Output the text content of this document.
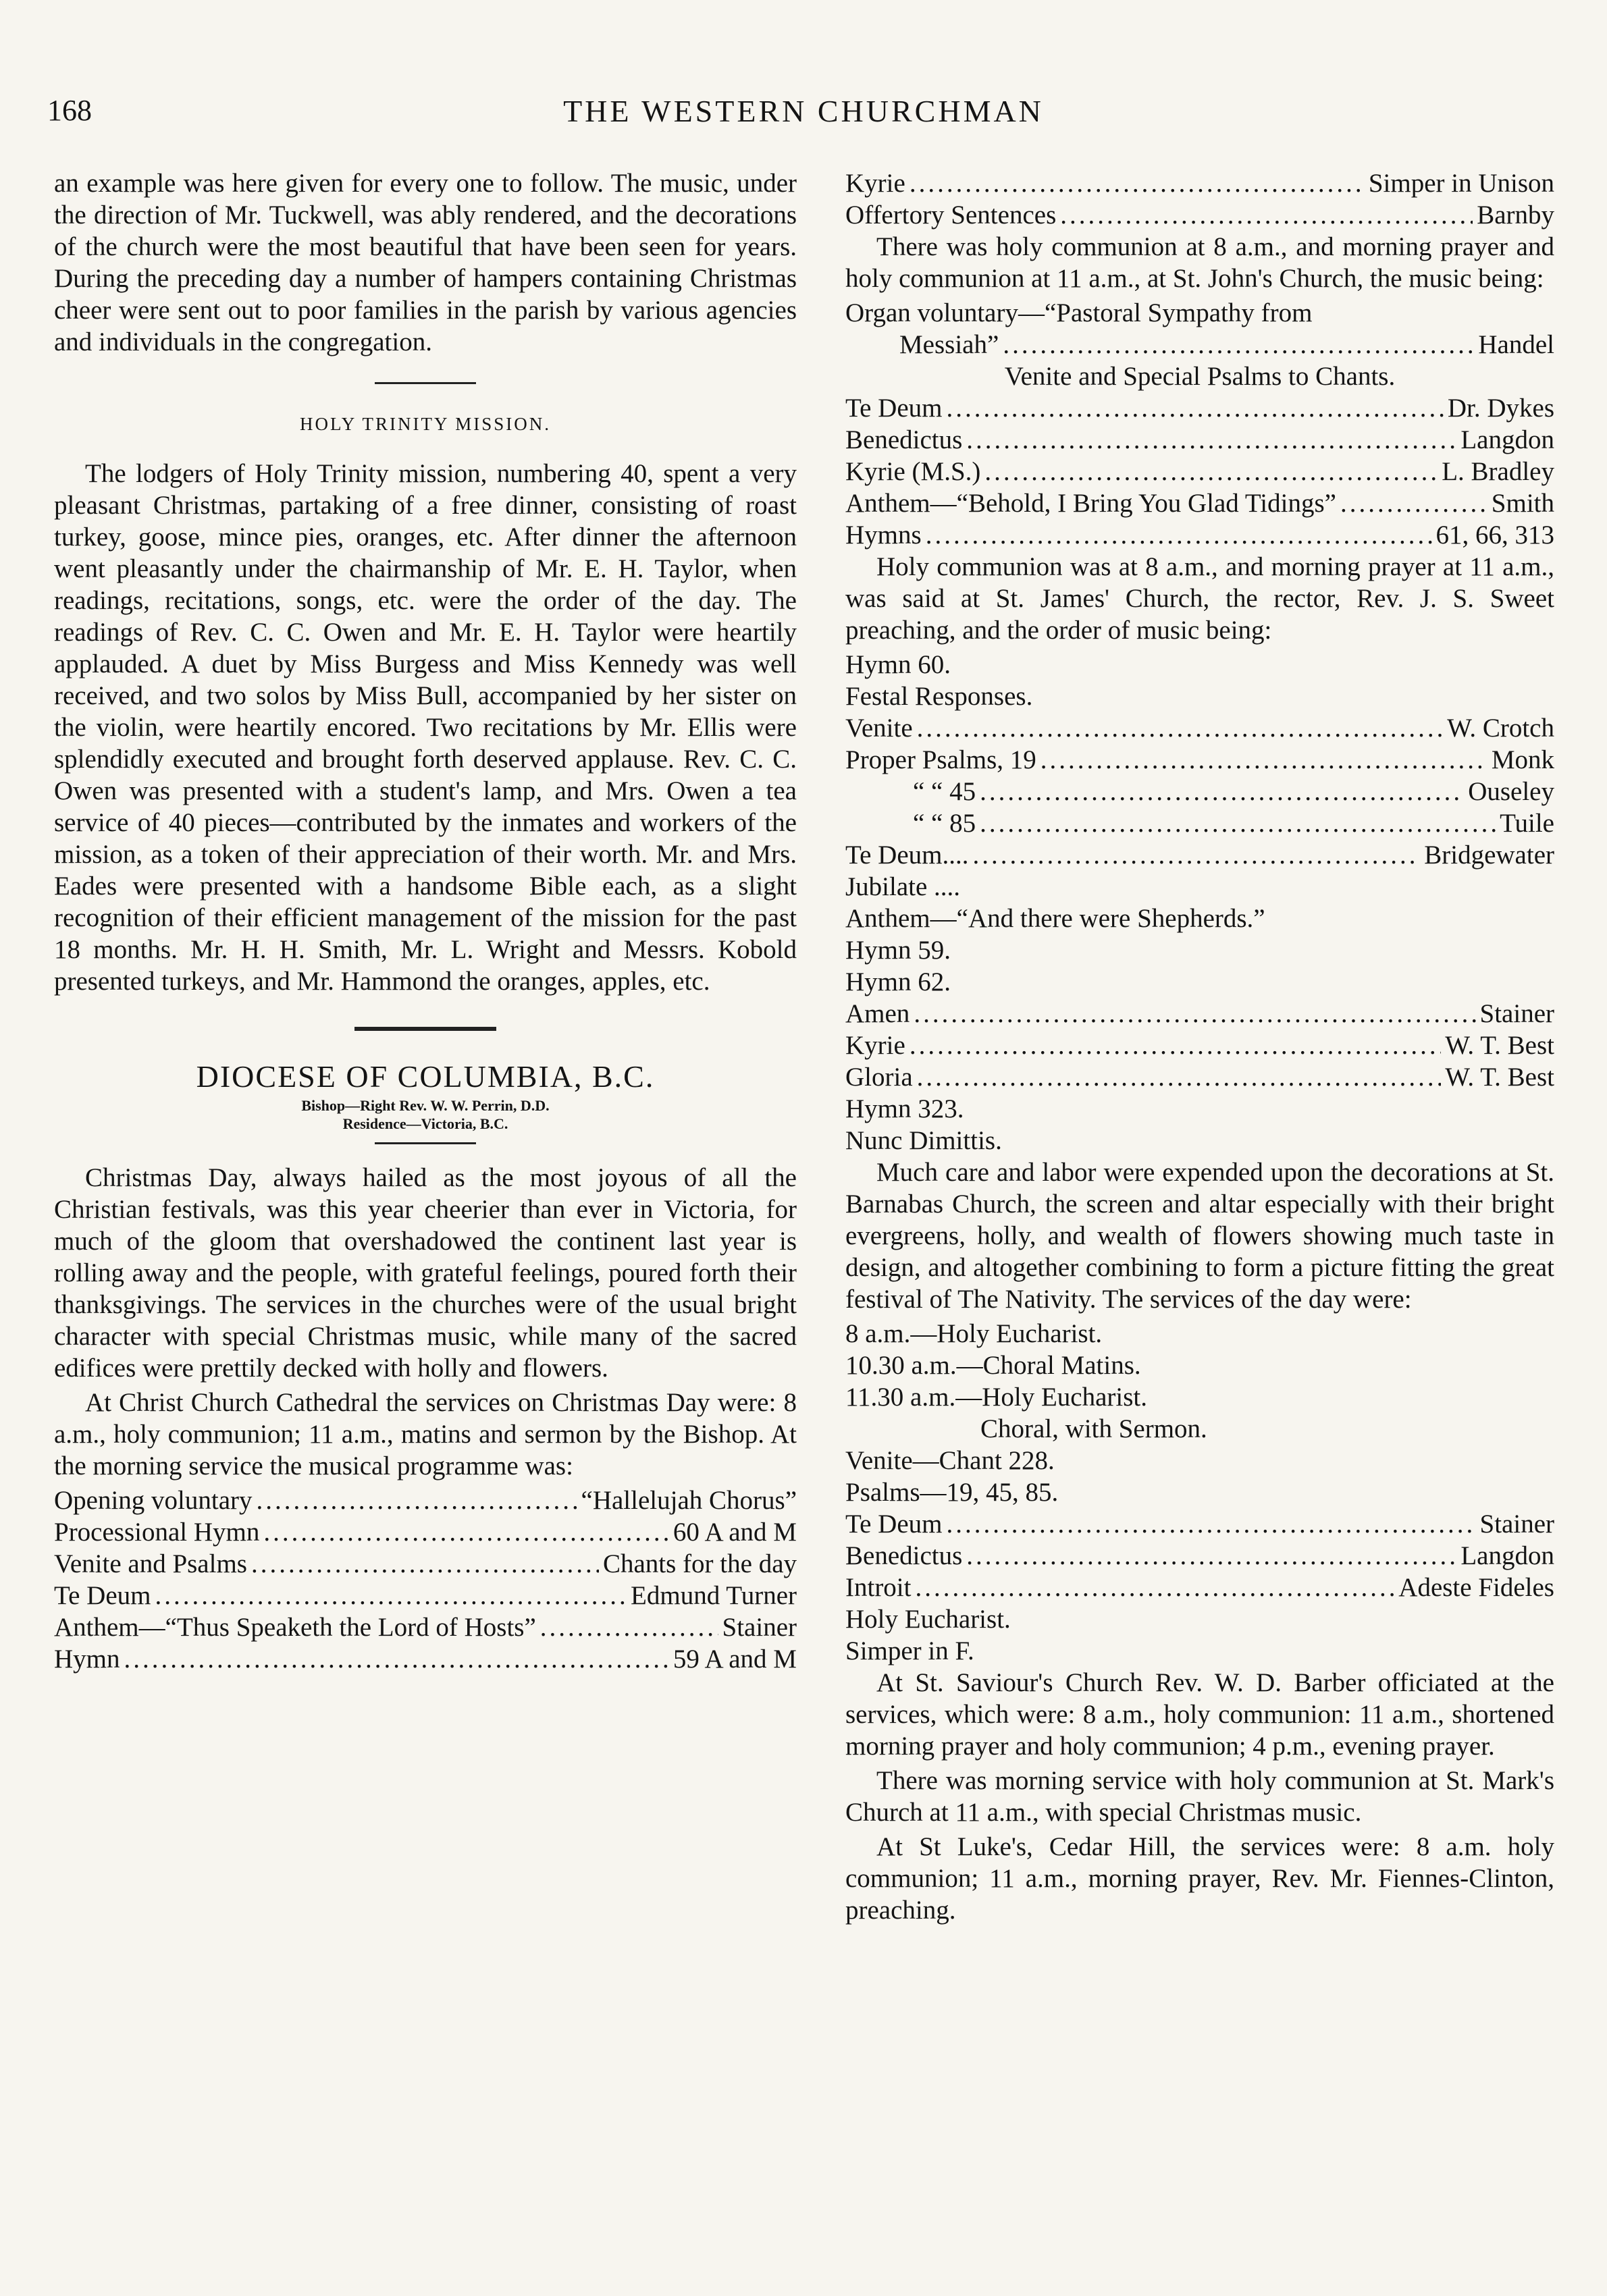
168	THE WESTERN CHURCHMAN

an example was here given for every one to follow. The music, under the direction of Mr. Tuckwell, was ably rendered, and the decorations of the church were the most beautiful that have been seen for years. During the preceding day a number of hampers containing Christmas cheer were sent out to poor families in the parish by various agencies and individuals in the congregation.

HOLY TRINITY MISSION.

The lodgers of Holy Trinity mission, numbering 40, spent a very pleasant Christmas, partaking of a free dinner, consisting of roast turkey, goose, mince pies, oranges, etc. After dinner the afternoon went pleasantly under the chairmanship of Mr. E. H. Taylor, when readings, recitations, songs, etc. were the order of the day. The readings of Rev. C. C. Owen and Mr. E. H. Taylor were heartily applauded. A duet by Miss Burgess and Miss Kennedy was well received, and two solos by Miss Bull, accompanied by her sister on the violin, were heartily encored. Two recitations by Mr. Ellis were splendidly executed and brought forth deserved applause. Rev. C. C. Owen was presented with a student's lamp, and Mrs. Owen a tea service of 40 pieces—contributed by the inmates and workers of the mission, as a token of their appreciation of their worth. Mr. and Mrs. Eades were presented with a handsome Bible each, as a slight recognition of their efficient management of the mission for the past 18 months. Mr. H. H. Smith, Mr. L. Wright and Messrs. Kobold presented turkeys, and Mr. Hammond the oranges, apples, etc.

DIOCESE OF COLUMBIA, B.C.
Bishop—Right Rev. W. W. Perrin, D.D.
Residence—Victoria, B.C.

Christmas Day, always hailed as the most joyous of all the Christian festivals, was this year cheerier than ever in Victoria, for much of the gloom that overshadowed the continent last year is rolling away and the people, with grateful feelings, poured forth their thanksgivings. The services in the churches were of the usual bright character with special Christmas music, while many of the sacred edifices were prettily decked with holly and flowers.

At Christ Church Cathedral the services on Christmas Day were: 8 a.m., holy communion; 11 a.m., matins and sermon by the Bishop. At the morning service the musical programme was:

Opening voluntary .....	“Hallelujah Chorus”
Processional Hymn .....	60 A and M
Venite and Psalms .....	Chants for the day
Te Deum .....	Edmund Turner
Anthem—“Thus Speaketh the Lord of Hosts” .....	Stainer
Hymn .....	59 A and M
Kyrie .....	Simper in Unison
Offertory Sentences .....	Barnby

There was holy communion at 8 a.m., and morning prayer and holy communion at 11 a.m., at St. John's Church, the music being:

Organ voluntary—“Pastoral Sympathy from
Messiah” .....	Handel
Venite and Special Psalms to Chants.
Te Deum .....	Dr. Dykes
Benedictus .....	Langdon
Kyrie (M.S.) .....	L. Bradley
Anthem—“Behold, I Bring You Glad Tidings” .....	Smith
Hymns .....	61, 66, 313

Holy communion was at 8 a.m., and morning prayer at 11 a.m., was said at St. James' Church, the rector, Rev. J. S. Sweet preaching, and the order of music being:

Hymn 60.
Festal Responses.
Venite .....	W. Crotch
Proper Psalms, 19 .....	Monk
“ “ 45 .....	Ouseley
“ “ 85 .....	Tuile
Te Deum.... .....	Bridgewater
Jubilate ....
Anthem—“And there were Shepherds.”
Hymn 59.
Hymn 62.
Amen .....	Stainer
Kyrie .....	W. T. Best
Gloria .....	W. T. Best
Hymn 323.
Nunc Dimittis.

Much care and labor were expended upon the decorations at St. Barnabas Church, the screen and altar especially with their bright evergreens, holly, and wealth of flowers showing much taste in design, and altogether combining to form a picture fitting the great festival of The Nativity. The services of the day were:

8 a.m.—Holy Eucharist.
10.30 a.m.—Choral Matins.
11.30 a.m.—Holy Eucharist.
Choral, with Sermon.
Venite—Chant 228.
Psalms—19, 45, 85.
Te Deum .....	Stainer
Benedictus .....	Langdon
Introit .....	Adeste Fideles
Holy Eucharist.
Simper in F.

At St. Saviour's Church Rev. W. D. Barber officiated at the services, which were: 8 a.m., holy communion: 11 a.m., shortened morning prayer and holy communion; 4 p.m., evening prayer.

There was morning service with holy communion at St. Mark's Church at 11 a.m., with special Christmas music.

At St Luke's, Cedar Hill, the services were: 8 a.m. holy communion; 11 a.m., morning prayer, Rev. Mr. Fiennes-Clinton, preaching.
